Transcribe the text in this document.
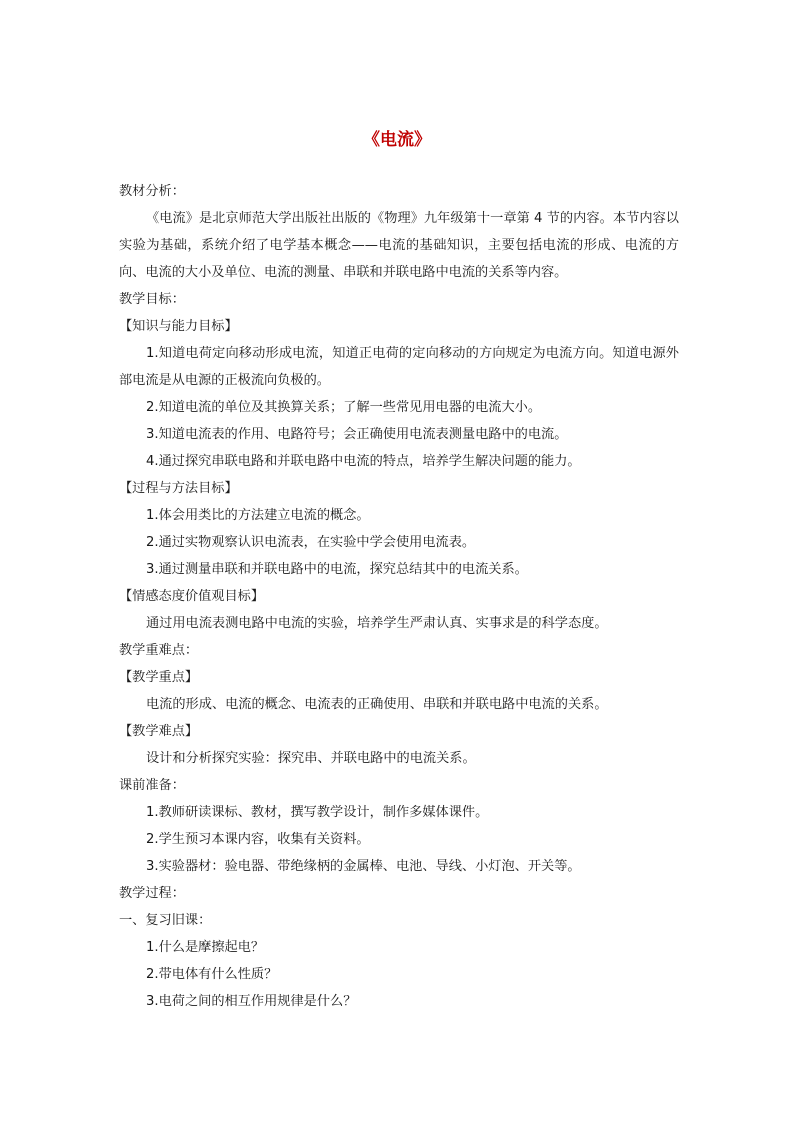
《电流》

教材分析：

《电流》是北京师范大学出版社出版的《物理》九年级第十一章第 4 节的内容。本节内容以实验为基础，系统介绍了电学基本概念——电流的基础知识，主要包括电流的形成、电流的方向、电流的大小及单位、电流的测量、串联和并联电路中电流的关系等内容。

教学目标：

【知识与能力目标】

1.知道电荷定向移动形成电流，知道正电荷的定向移动的方向规定为电流方向。知道电源外部电流是从电源的正极流向负极的。

2.知道电流的单位及其换算关系；了解一些常见用电器的电流大小。

3.知道电流表的作用、电路符号；会正确使用电流表测量电路中的电流。

4.通过探究串联电路和并联电路中电流的特点，培养学生解决问题的能力。

【过程与方法目标】

1.体会用类比的方法建立电流的概念。

2.通过实物观察认识电流表，在实验中学会使用电流表。

3.通过测量串联和并联电路中的电流，探究总结其中的电流关系。

【情感态度价值观目标】

通过用电流表测电路中电流的实验，培养学生严肃认真、实事求是的科学态度。

教学重难点：

【教学重点】

电流的形成、电流的概念、电流表的正确使用、串联和并联电路中电流的关系。

【教学难点】

设计和分析探究实验：探究串、并联电路中的电流关系。

课前准备：

1.教师研读课标、教材，撰写教学设计，制作多媒体课件。

2.学生预习本课内容，收集有关资料。

3.实验器材：验电器、带绝缘柄的金属棒、电池、导线、小灯泡、开关等。

教学过程：

一、复习旧课：

1.什么是摩擦起电？

2.带电体有什么性质？

3.电荷之间的相互作用规律是什么？
